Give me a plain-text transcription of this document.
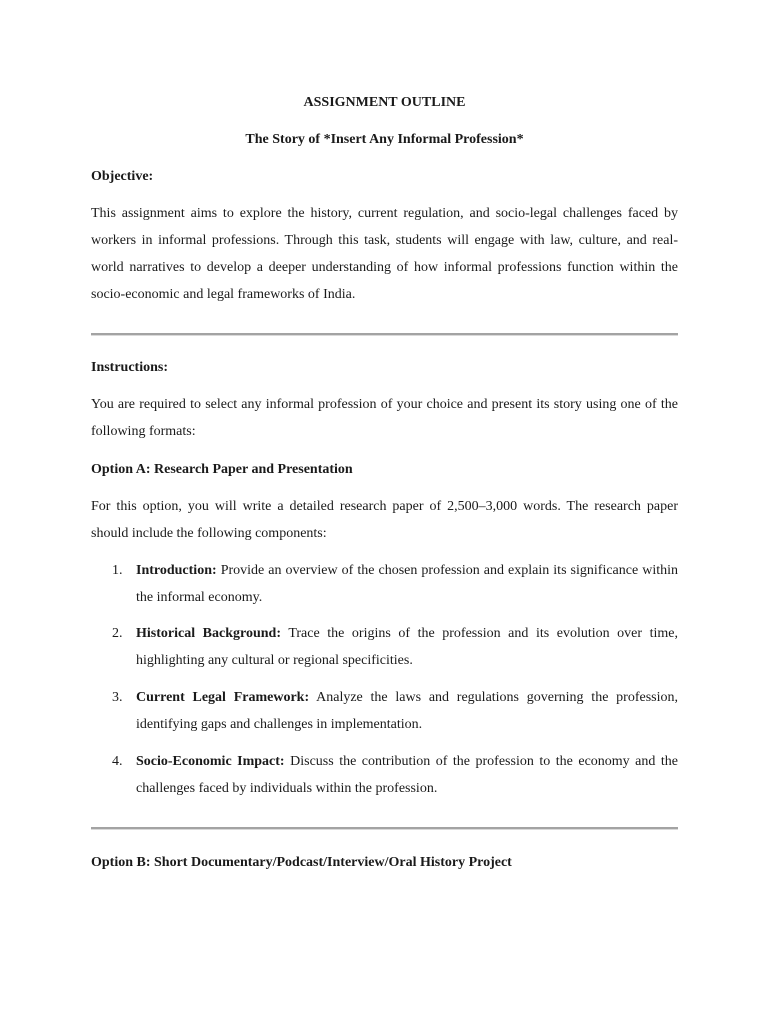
ASSIGNMENT OUTLINE
The Story of *Insert Any Informal Profession*
Objective:
This assignment aims to explore the history, current regulation, and socio-legal challenges faced by workers in informal professions. Through this task, students will engage with law, culture, and real-world narratives to develop a deeper understanding of how informal professions function within the socio-economic and legal frameworks of India.
Instructions:
You are required to select any informal profession of your choice and present its story using one of the following formats:
Option A: Research Paper and Presentation
For this option, you will write a detailed research paper of 2,500–3,000 words. The research paper should include the following components:
1. Introduction: Provide an overview of the chosen profession and explain its significance within the informal economy.
2. Historical Background: Trace the origins of the profession and its evolution over time, highlighting any cultural or regional specificities.
3. Current Legal Framework: Analyze the laws and regulations governing the profession, identifying gaps and challenges in implementation.
4. Socio-Economic Impact: Discuss the contribution of the profession to the economy and the challenges faced by individuals within the profession.
Option B: Short Documentary/Podcast/Interview/Oral History Project
